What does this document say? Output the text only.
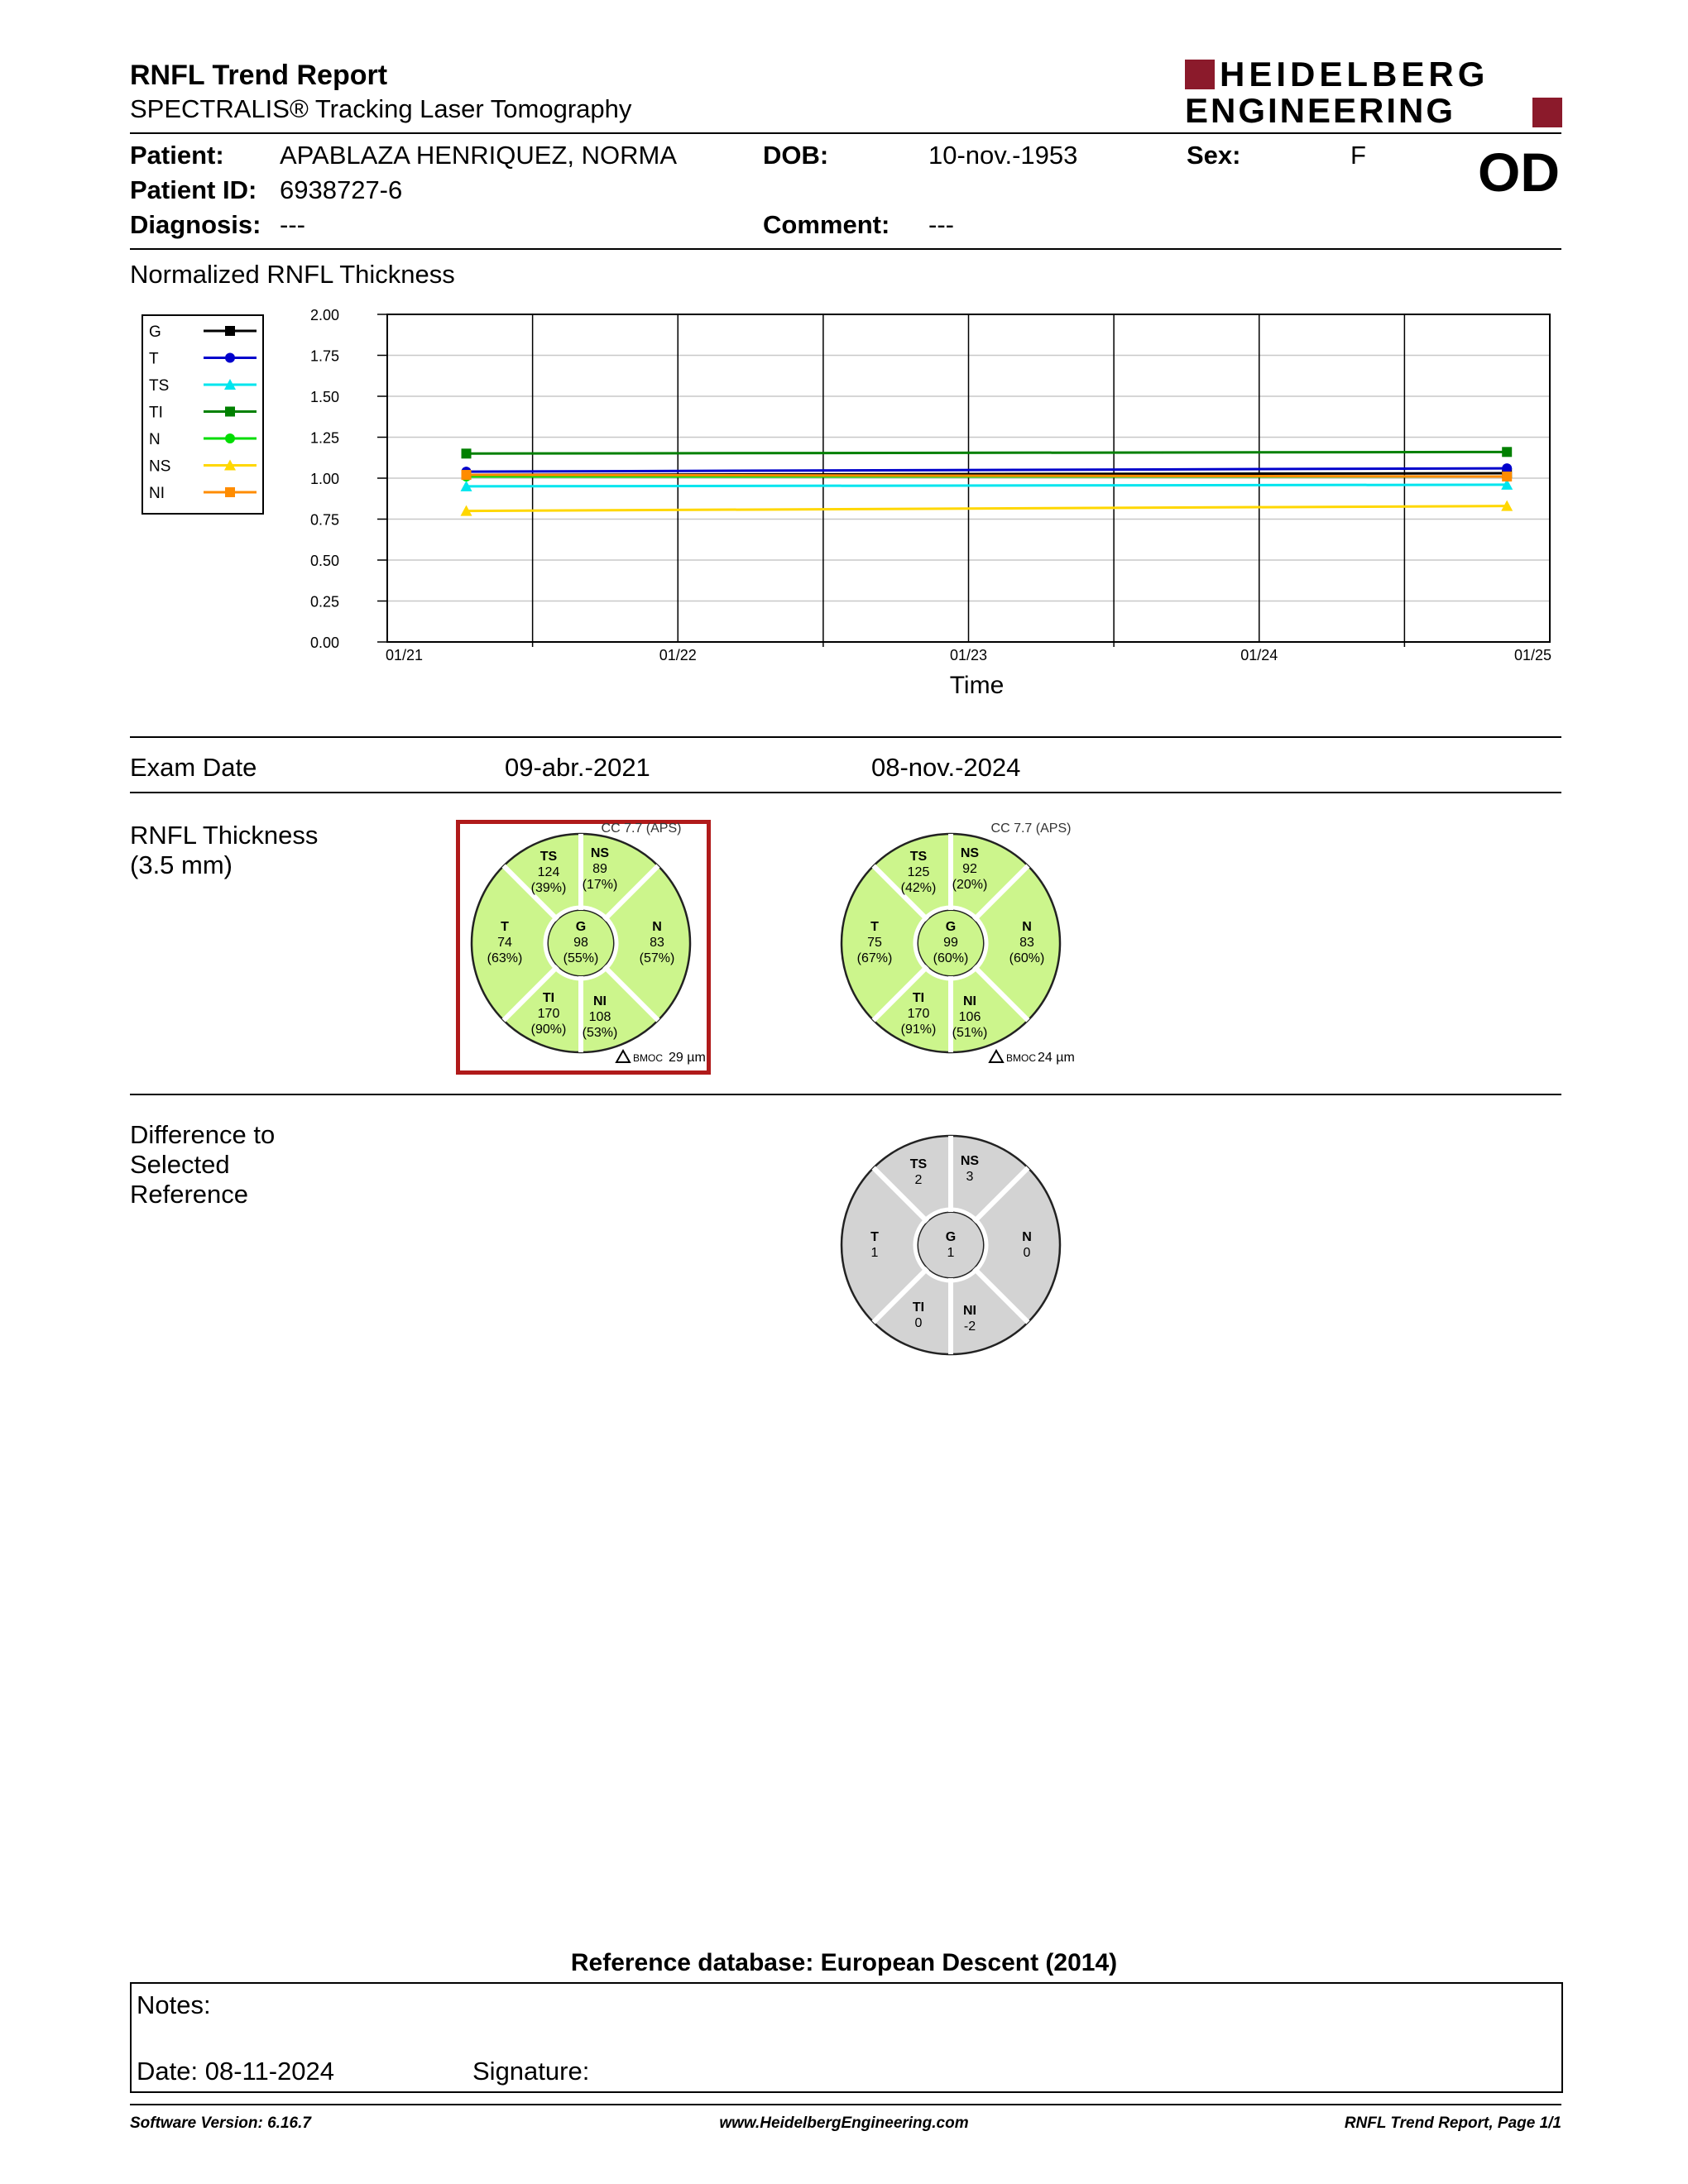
RNFL Trend Report
SPECTRALIS® Tracking Laser Tomography
HEIDELBERG
ENGINEERING
Patient: APABLAZA HENRIQUEZ, NORMA
Patient ID: 6938727-6
Diagnosis: ---
DOB:	10-nov.-1953
Comment: ---
Sex:	F OD
Normalized RNFL Thickness
G
T
TS
TI
N
NS
NI
2.00
1.75
1.50
1.25
1.00
0.75
0.50
0.25
0.00
01/21	01/22	01/23	01/24	01/25
Time
Exam Date	09-abr.-2021	08-nov.-2024
RNFL Thickness
(3.5 mm)
CC 7.7 (APS)
TS
124
(39%)
NS
89
(17%)
T
74
(63%)
G
98
(55%)
N
83
(57%)
TI
170
(90%)
NI
108
(53%)
BMOC 29 µm
CC 7.7 (APS)
TS
125
(42%)
NS
92
(20%)
T
75
(67%)
G
99
(60%)
N
83
(60%)
TI
170
(91%)
NI
106
(51%)
BMOC 24 µm
Difference to
Selected
Reference
TS
2
NS
3
T
1
G
1
N
0
TI
0
NI
-2
Reference database: European Descent (2014)
Notes:
Date: 08-11-2024	Signature:
Software Version: 6.16.7	www.HeidelbergEngineering.com	RNFL Trend Report, Page 1/1
